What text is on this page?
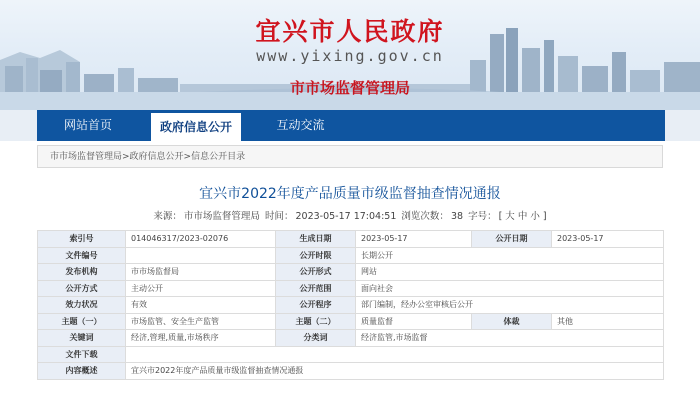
宜兴市人民政府
www.yixing.gov.cn
市市场监督管理局
网站首页	政府信息公开	互动交流
市市场监督管理局>政府信息公开>信息公开目录
宜兴市2022年度产品质量市级监督抽查情况通报
来源： 市市场监督管理局 时间： 2023-05-17 17:04:51 浏览次数： 38 字号： [ 大 中 小 ]
索引号	014046317/2023-02076	生成日期	2023-05-17	公开日期	2023-05-17
文件编号		公开时限	长期公开		
发布机构	市市场监督局	公开形式	网站		
公开方式	主动公开	公开范围	面向社会		
效力状况	有效	公开程序	部门编制，经办公室审核后公开		
主题（一）	市场监管、安全生产监管	主题（二）	质量监督	体裁	其他
关键词	经济,管理,质量,市场秩序	分类词	经济监管,市场监督		
文件下载					
内容概述	宜兴市2022年度产品质量市级监督抽查情况通报				
